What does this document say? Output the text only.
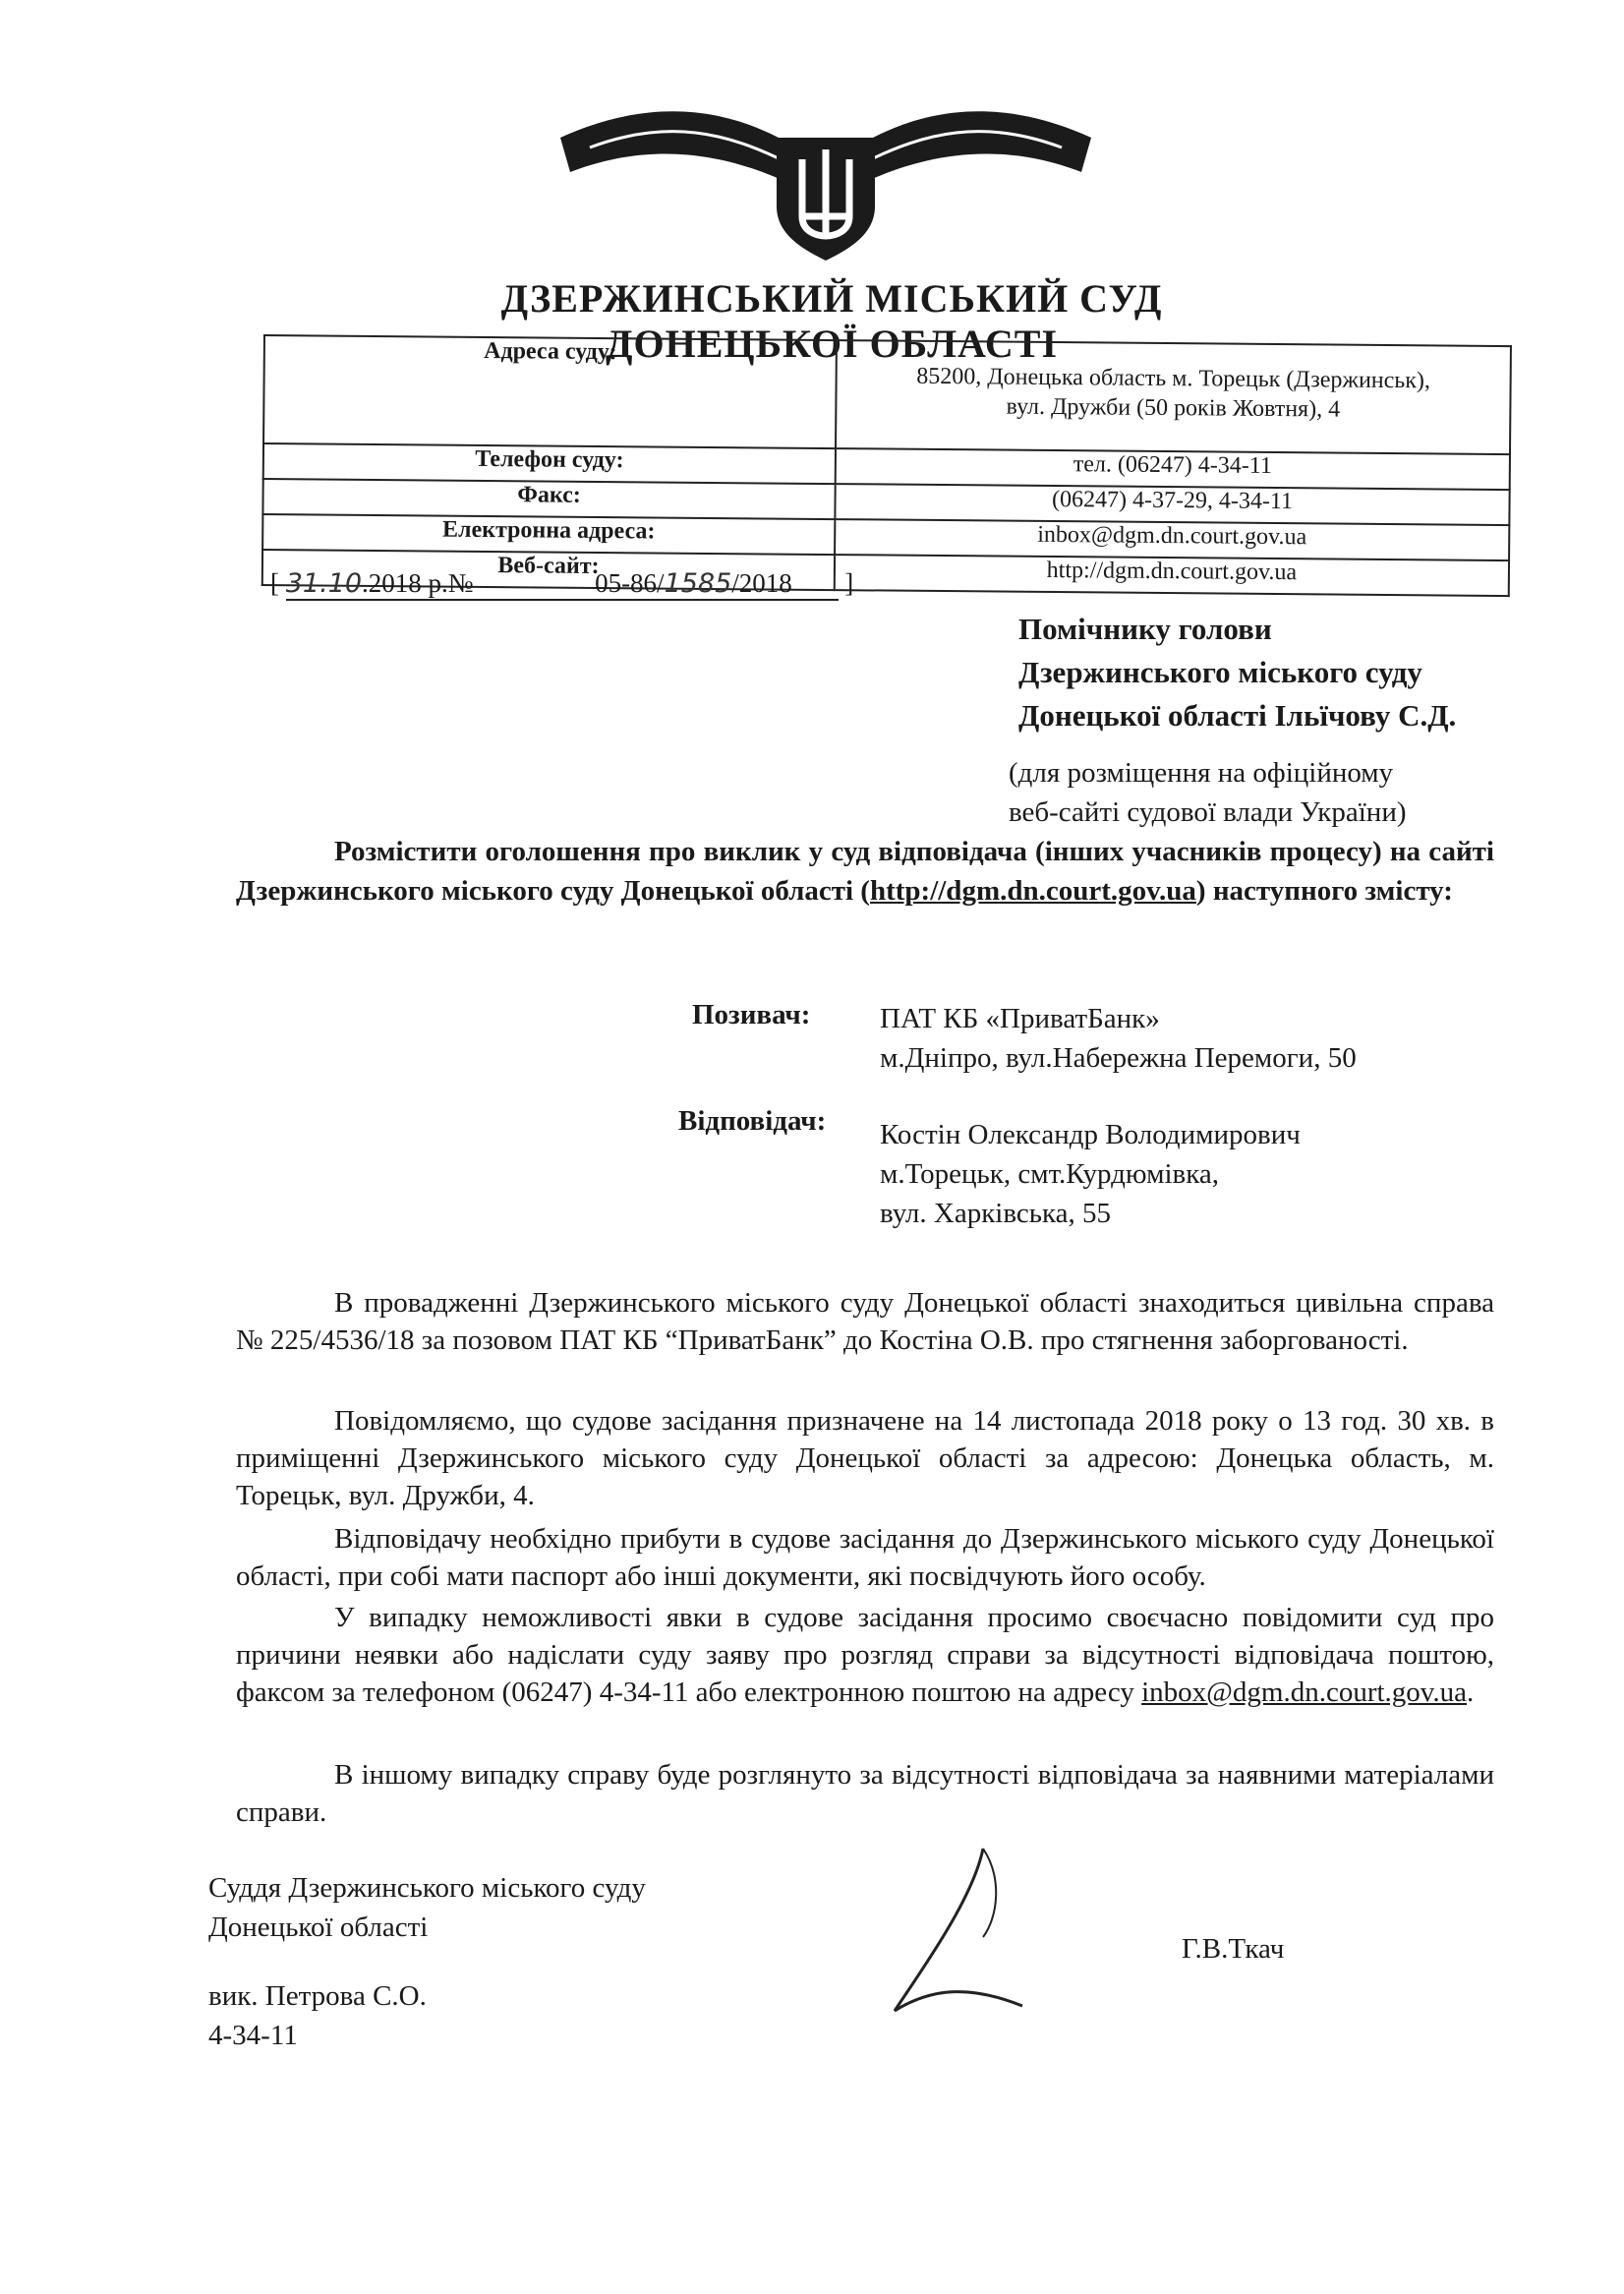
ДЗЕРЖИНСЬКИЙ МІСЬКИЙ СУД
ДОНЕЦЬКОЇ ОБЛАСТІ
Адреса суду:	85200, Донецька область м. Торецьк (Дзержинськ),
вул. Дружби (50 років Жовтня), 4

Телефон суду:	тел. (06247) 4-34-11
Факс:	(06247) 4-37-29, 4-34-11
Електронна адреса:	inbox@dgm.dn.court.gov.ua
Веб-сайт:	http://dgm.dn.court.gov.ua
[ 31.10.2018 р.№	05-86/1585/2018 ]
Помічнику голови
Дзержинського міського суду
Донецької області Ільїчову С.Д.
(для розміщення на офіційному
веб-сайті судової влади України)
Розмістити оголошення про виклик у суд відповідача (інших учасників процесу) на сайті Дзержинського міського суду Донецької області (http://dgm.dn.court.gov.ua) наступного змісту:
Позивач: ПАТ КБ «ПриватБанк»
м.Дніпро, вул.Набережна Перемоги, 50
Відповідач: Костін Олександр Володимирович
м.Торецьк, смт.Курдюмівка,
вул. Харківська, 55
В провадженні Дзержинського міського суду Донецької області знаходиться цивільна справа № 225/4536/18 за позовом ПАТ КБ “ПриватБанк” до Костіна О.В. про стягнення заборгованості.
Повідомляємо, що судове засідання призначене на 14 листопада 2018 року о 13 год. 30 хв. в приміщенні Дзержинського міського суду Донецької області за адресою: Донецька область, м. Торецьк, вул. Дружби, 4.
Відповідачу необхідно прибути в судове засідання до Дзержинського міського суду Донецької області, при собі мати паспорт або інші документи, які посвідчують його особу.
У випадку неможливості явки в судове засідання просимо своєчасно повідомити суд про причини неявки або надіслати суду заяву про розгляд справи за відсутності відповідача поштою, факсом за телефоном (06247) 4-34-11 або електронною поштою на адресу inbox@dgm.dn.court.gov.ua.
В іншому випадку справу буде розглянуто за відсутності відповідача за наявними матеріалами справи.
Суддя Дзержинського міського суду
Донецької області
Г.В.Ткач
вик. Петрова С.О.
4-34-11
